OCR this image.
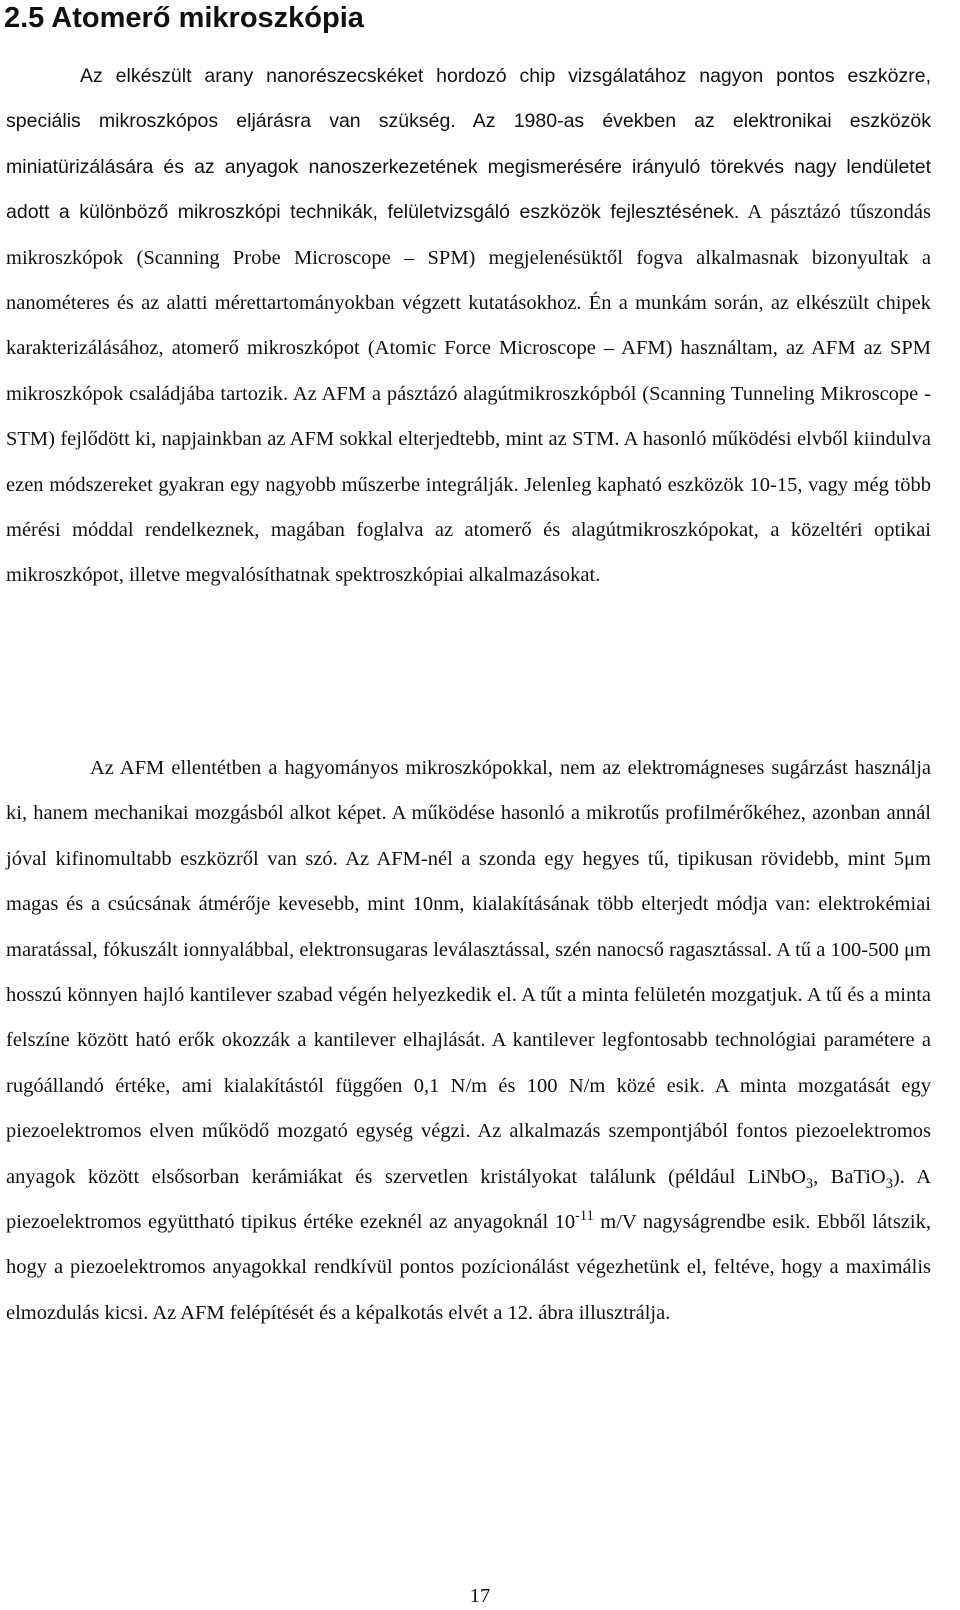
2.5 Atomerő mikroszkópia

Az elkészült arany nanorészecskéket hordozó chip vizsgálatához nagyon pontos eszközre, speciális mikroszkópos eljárásra van szükség. Az 1980-as években az elektronikai eszközök miniatürizálására és az anyagok nanoszerkezetének megismerésére irányuló törekvés nagy lendületet adott a különböző mikroszkópi technikák, felületvizsgáló eszközök fejlesztésének. A pásztázó tűszondás mikroszkópok (Scanning Probe Microscope – SPM) megjelenésüktől fogva alkalmasnak bizonyultak a nanométeres és az alatti mérettartományokban végzett kutatásokhoz. Én a munkám során, az elkészült chipek karakterizálásához, atomerő mikroszkópot (Atomic Force Microscope – AFM) használtam, az AFM az SPM mikroszkópok családjába tartozik. Az AFM a pásztázó alagútmikroszkópból (Scanning Tunneling Mikroscope - STM) fejlődött ki, napjainkban az AFM sokkal elterjedtebb, mint az STM. A hasonló működési elvből kiindulva ezen módszereket gyakran egy nagyobb műszerbe integrálják. Jelenleg kapható eszközök 10-15, vagy még több mérési móddal rendelkeznek, magában foglalva az atomerő és alagútmikroszkópokat, a közeltéri optikai mikroszkópot, illetve megvalósíthatnak spektroszkópiai alkalmazásokat.

Az AFM ellentétben a hagyományos mikroszkópokkal, nem az elektromágneses sugárzást használja ki, hanem mechanikai mozgásból alkot képet. A működése hasonló a mikrotűs profilmérőkéhez, azonban annál jóval kifinomultabb eszközről van szó. Az AFM-nél a szonda egy hegyes tű, tipikusan rövidebb, mint 5μm magas és a csúcsának átmérője kevesebb, mint 10nm, kialakításának több elterjedt módja van: elektrokémiai maratással, fókuszált ionnyalábbal, elektronsugaras leválasztással, szén nanocső ragasztással. A tű a 100-500 μm hosszú könnyen hajló kantilever szabad végén helyezkedik el. A tűt a minta felületén mozgatjuk. A tű és a minta felszíne között ható erők okozzák a kantilever elhajlását. A kantilever legfontosabb technológiai paramétere a rugóállandó értéke, ami kialakítástól függően 0,1 N/m és 100 N/m közé esik. A minta mozgatását egy piezoelektromos elven működő mozgató egység végzi. Az alkalmazás szempontjából fontos piezoelektromos anyagok között elsősorban kerámiákat és szervetlen kristályokat találunk (például LiNbO$_3$, BaTiO$_3$). A piezoelektromos együttható tipikus értéke ezeknél az anyagoknál $10^{-11}$ m/V nagyságrendbe esik. Ebből látszik, hogy a piezoelektromos anyagokkal rendkívül pontos pozícionálást végezhetünk el, feltéve, hogy a maximális elmozdulás kicsi. Az AFM felépítését és a képalkotás elvét a 12. ábra illusztrálja.

17
